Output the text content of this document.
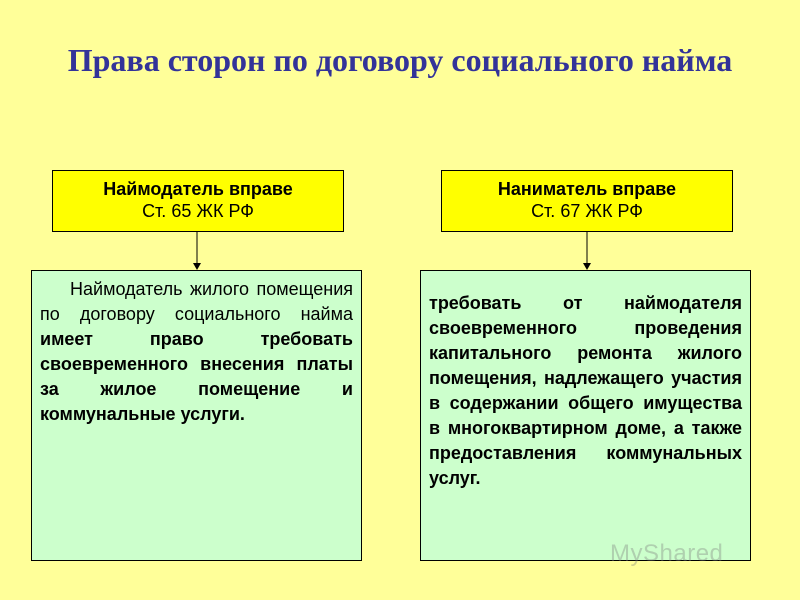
Права сторон по договору социального найма
Наймодатель вправе
Ст. 65 ЖК РФ
Наниматель вправе
Ст. 67 ЖК РФ
Наймодатель жилого помещения по договору социального найма имеет право требовать своевременного внесения платы за жилое помещение и коммунальные услуги.
требовать от наймодателя своевременного проведения капитального ремонта жилого помещения, надлежащего участия в содержании общего имущества в многоквартирном доме, а также предоставления коммунальных услуг.
MyShared
